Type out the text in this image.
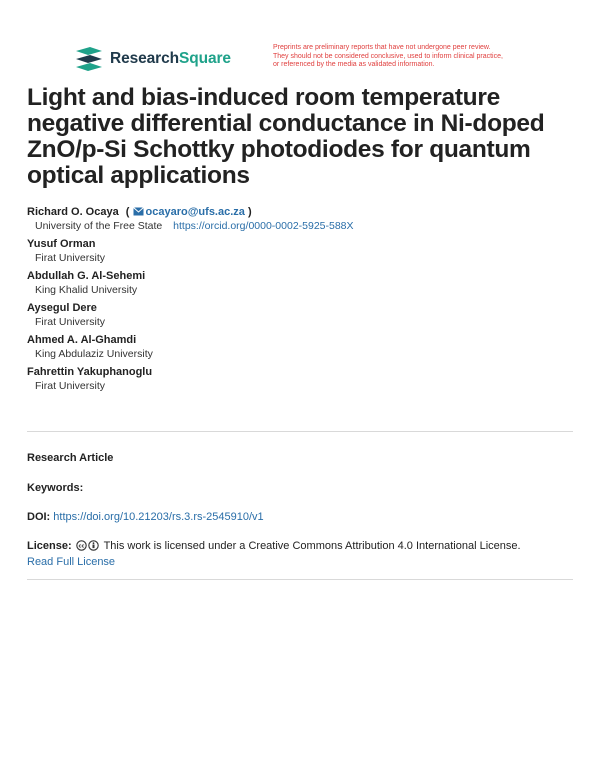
ResearchSquare
Preprints are preliminary reports that have not undergone peer review.
They should not be considered conclusive, used to inform clinical practice,
or referenced by the media as validated information.
Light and bias-induced room temperature negative differential conductance in Ni-doped ZnO/p-Si Schottky photodiodes for quantum optical applications
Richard O. Ocaya ( ocayaro@ufs.ac.za )
University of the Free State https://orcid.org/0000-0002-5925-588X
Yusuf Orman
Firat University
Abdullah G. Al-Sehemi
King Khalid University
Aysegul Dere
Firat University
Ahmed A. Al-Ghamdi
King Abdulaziz University
Fahrettin Yakuphanoglu
Firat University
Research Article
Keywords:
DOI: https://doi.org/10.21203/rs.3.rs-2545910/v1
License: cc This work is licensed under a Creative Commons Attribution 4.0 International License.
Read Full License
